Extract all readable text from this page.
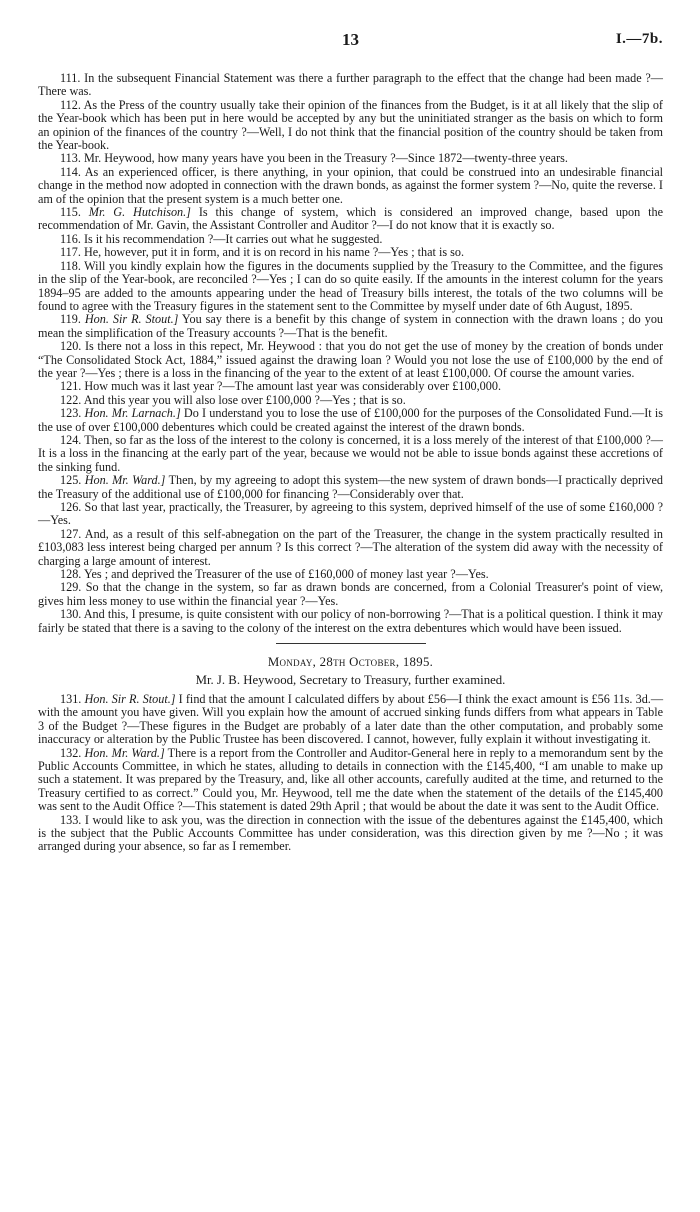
13	I.—7b.

111. In the subsequent Financial Statement was there a further paragraph to the effect that the change had been made ?—There was.

112. As the Press of the country usually take their opinion of the finances from the Budget, is it at all likely that the slip of the Year-book which has been put in here would be accepted by any but the uninitiated stranger as the basis on which to form an opinion of the finances of the country ?—Well, I do not think that the financial position of the country should be taken from the Year-book.

113. Mr. Heywood, how many years have you been in the Treasury ?—Since 1872—twenty-three years.

114. As an experienced officer, is there anything, in your opinion, that could be construed into an undesirable financial change in the method now adopted in connection with the drawn bonds, as against the former system ?—No, quite the reverse. I am of the opinion that the present system is a much better one.

115. Mr. G. Hutchison.] Is this change of system, which is considered an improved change, based upon the recommendation of Mr. Gavin, the Assistant Controller and Auditor ?—I do not know that it is exactly so.

116. Is it his recommendation ?—It carries out what he suggested.

117. He, however, put it in form, and it is on record in his name ?—Yes ; that is so.

118. Will you kindly explain how the figures in the documents supplied by the Treasury to the Committee, and the figures in the slip of the Year-book, are reconciled ?—Yes ; I can do so quite easily. If the amounts in the interest column for the years 1894–95 are added to the amounts appearing under the head of Treasury bills interest, the totals of the two columns will be found to agree with the Treasury figures in the statement sent to the Committee by myself under date of 6th August, 1895.

119. Hon. Sir R. Stout.] You say there is a benefit by this change of system in connection with the drawn loans ; do you mean the simplification of the Treasury accounts ?—That is the benefit.

120. Is there not a loss in this repect, Mr. Heywood : that you do not get the use of money by the creation of bonds under “The Consolidated Stock Act, 1884,” issued against the drawing loan ? Would you not lose the use of £100,000 by the end of the year ?—Yes ; there is a loss in the financing of the year to the extent of at least £100,000. Of course the amount varies.

121. How much was it last year ?—The amount last year was considerably over £100,000.

122. And this year you will also lose over £100,000 ?—Yes ; that is so.

123. Hon. Mr. Larnach.] Do I understand you to lose the use of £100,000 for the purposes of the Consolidated Fund.—It is the use of over £100,000 debentures which could be created against the interest of the drawn bonds.

124. Then, so far as the loss of the interest to the colony is concerned, it is a loss merely of the interest of that £100,000 ?—It is a loss in the financing at the early part of the year, because we would not be able to issue bonds against these accretions of the sinking fund.

125. Hon. Mr. Ward.] Then, by my agreeing to adopt this system—the new system of drawn bonds—I practically deprived the Treasury of the additional use of £100,000 for financing ?—Considerably over that.

126. So that last year, practically, the Treasurer, by agreeing to this system, deprived himself of the use of some £160,000 ?—Yes.

127. And, as a result of this self-abnegation on the part of the Treasurer, the change in the system practically resulted in £103,083 less interest being charged per annum ? Is this correct ?—The alteration of the system did away with the necessity of charging a large amount of interest.

128. Yes ; and deprived the Treasurer of the use of £160,000 of money last year ?—Yes.

129. So that the change in the system, so far as drawn bonds are concerned, from a Colonial Treasurer's point of view, gives him less money to use within the financial year ?—Yes.

130. And this, I presume, is quite consistent with our policy of non-borrowing ?—That is a political question. I think it may fairly be stated that there is a saving to the colony of the interest on the extra debentures which would have been issued.

Monday, 28th October, 1895.

Mr. J. B. Heywood, Secretary to Treasury, further examined.

131. Hon. Sir R. Stout.] I find that the amount I calculated differs by about £56—I think the exact amount is £56 11s. 3d.—with the amount you have given. Will you explain how the amount of accrued sinking funds differs from what appears in Table 3 of the Budget ?—These figures in the Budget are probably of a later date than the other computation, and probably some inaccuracy or alteration by the Public Trustee has been discovered. I cannot, however, fully explain it without investigating it.

132. Hon. Mr. Ward.] There is a report from the Controller and Auditor-General here in reply to a memorandum sent by the Public Accounts Committee, in which he states, alluding to details in connection with the £145,400, “I am unable to make up such a statement. It was prepared by the Treasury, and, like all other accounts, carefully audited at the time, and returned to the Treasury certified to as correct.” Could you, Mr. Heywood, tell me the date when the statement of the details of the £145,400 was sent to the Audit Office ?—This statement is dated 29th April ; that would be about the date it was sent to the Audit Office.

133. I would like to ask you, was the direction in connection with the issue of the debentures against the £145,400, which is the subject that the Public Accounts Committee has under consideration, was this direction given by me ?—No ; it was arranged during your absence, so far as I remember.
